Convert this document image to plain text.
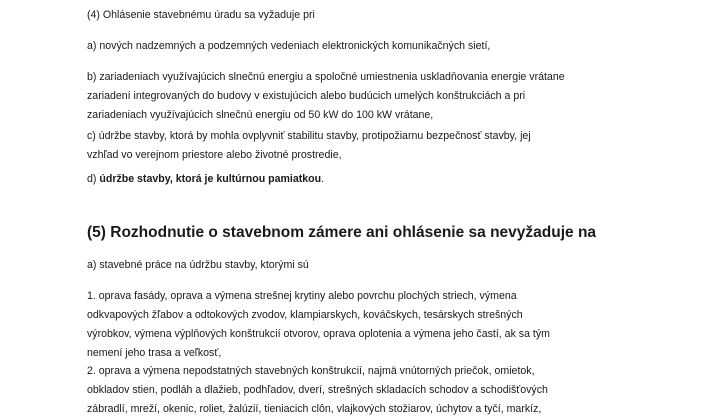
(4) Ohlásenie stavebnému úradu sa vyžaduje pri

a) nových nadzemných a podzemných vedeniach elektronických komunikačných sietí,

b) zariadeniach využívajúcich slnečnú energiu a spoločné umiestnenia uskladňovania energie vrátane
zariadení integrovaných do budovy v existujúcich alebo budúcich umelých konštrukciách a pri
zariadeniach využívajúcich slnečnú energiu od 50 kW do 100 kW vrátane,

c) údržbe stavby, ktorá by mohla ovplyvniť stabilitu stavby, protipožiarnu bezpečnosť stavby, jej
vzhľad vo verejnom priestore alebo životné prostredie,

d) údržbe stavby, ktorá je kultúrnou pamiatkou.

(5) Rozhodnutie o stavebnom zámere ani ohlásenie sa nevyžaduje na

a) stavebné práce na údržbu stavby, ktorými sú

1. oprava fasády, oprava a výmena strešnej krytiny alebo povrchu plochých striech, výmena
odkvapových žľabov a odtokových zvodov, klampiarskych, kováčskych, tesárskych strešných
výrobkov, výmena výplňových konštrukcií otvorov, oprava oplotenia a výmena jeho častí, ak sa tým
nemení jeho trasa a veľkosť,

2. oprava a výmena nepodstatných stavebných konštrukcií, najmä vnútorných priečok, omietok,
obkladov stien, podláh a dlažieb, podhľadov, dverí, strešných skladacích schodov a schodišťových
zábradlí, mreží, okenic, roliet, žalúzií, tieniacich clôn, vlajkových stožiarov, úchytov a tyčí, markíz,
